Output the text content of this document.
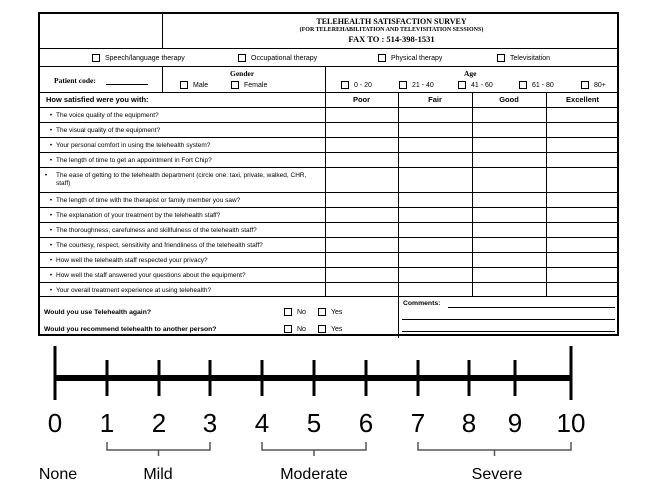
TELEHEALTH SATISFACTION SURVEY
(FOR TELEREHABILITATION AND TELEVISITATION SESSIONS)
FAX TO : 514-398-1531
Speech/language therapy	Occupational therapy	Physical therapy	Televisitation
Patient code:
Gender
Male	Female
Age
0 - 20	21 - 40	41 - 60	61 - 80	80+
How satisfied were you with:	Poor	Fair	Good	Excellent
• The voice quality of the equipment?
• The visual quality of the equipment?
• Your personal comfort in using the telehealth system?
• The length of time to get an appointment in Fort Chip?
• The ease of getting to the telehealth department (circle one: taxi, private, walked, CHR, staff)
• The length of time with the therapist or family member you saw?
• The explanation of your treatment by the telehealth staff?
• The thoroughness, carefulness and skillfulness of the telehealth staff?
• The courtesy, respect, sensitivity and friendliness of the telehealth staff?
• How well the telehealth staff respected your privacy?
• How well the staff answered your questions about the equipment?
• Your overall treatment experience at using telehealth?
Would you use Telehealth again?	No	Yes
Would you recommend telehealth to another person?	No	Yes
Comments:
0 1 2 3 4 5 6 7 8 9 10
None	Mild	Moderate	Severe
